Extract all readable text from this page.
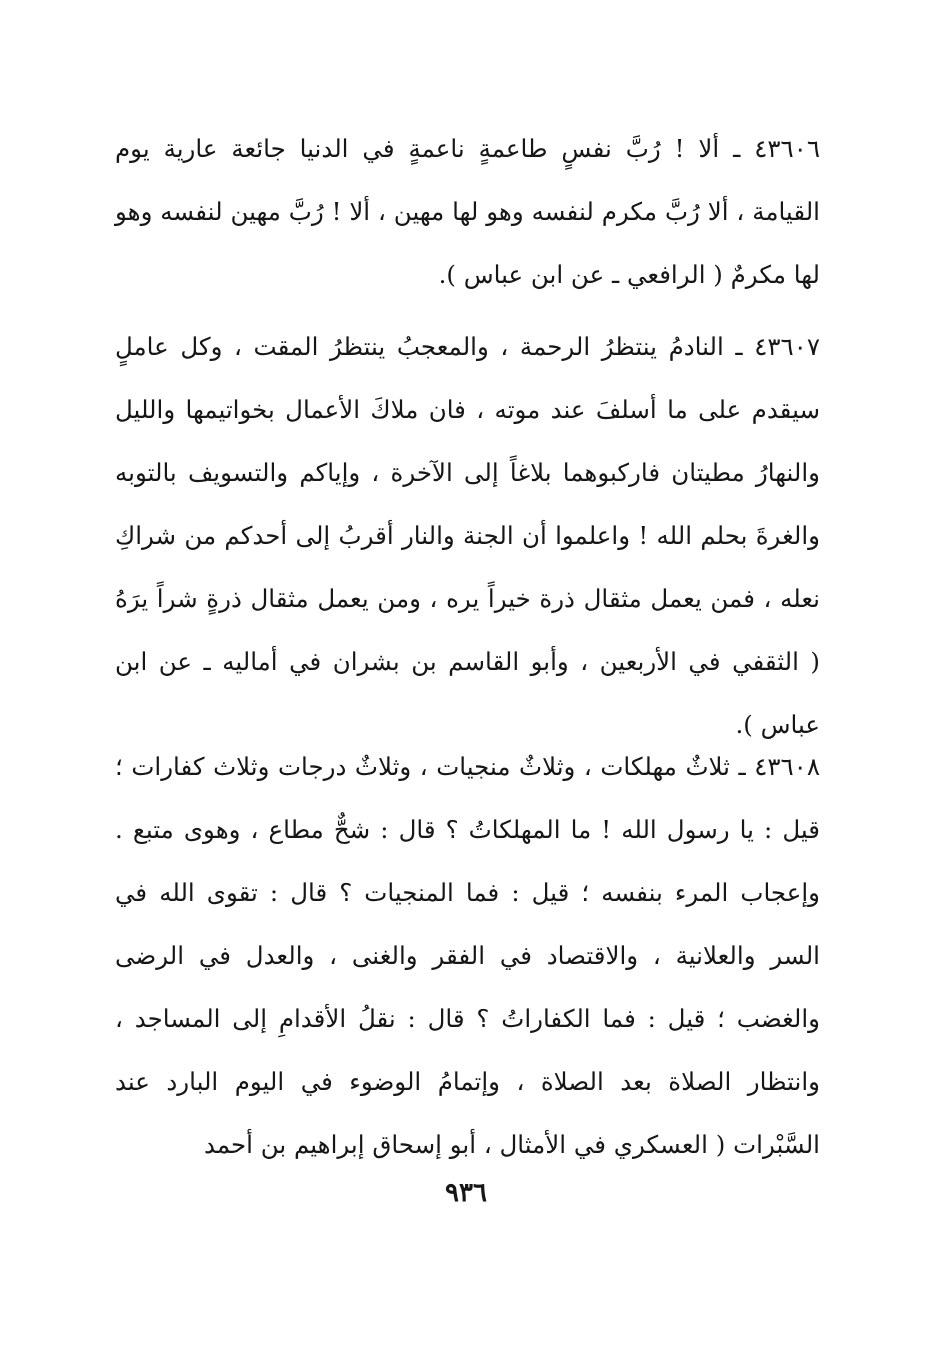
٤٣٦٠٦ ـ ألا ! رُبَّ نفسٍ طاعمةٍ ناعمةٍ في الدنيا جائعة عارية يوم القيامة ، ألا رُبَّ مكرم لنفسه وهو لها مهين ، ألا ! رُبَّ مهين لنفسه وهو لها مكرمٌ ( الرافعي ـ عن ابن عباس ).

٤٣٦٠٧ ـ النادمُ ينتظرُ الرحمة ، والمعجبُ ينتظرُ المقت ، وكل عاملٍ سيقدم على ما أسلفَ عند موته ، فان ملاكَ الأعمال بخواتيمها والليل والنهارُ مطيتان فاركبوهما بلاغاً إلى الآخرة ، وإياكم والتسويف بالتوبه والغرةَ بحلم الله ! واعلموا أن الجنة والنار أقربُ إلى أحدكم من شراكِ نعله ، فمن يعمل مثقال ذرة خيراً يره ، ومن يعمل مثقال ذرةٍ شراً يرَهُ ( الثقفي في الأربعين ، وأبو القاسم بن بشران في أماليه ـ عن ابن عباس ).

٤٣٦٠٨ ـ ثلاثٌ مهلكات ، وثلاثٌ منجيات ، وثلاثٌ درجات وثلاث كفارات ؛ قيل : يا رسول الله ! ما المهلكاتُ ؟ قال : شحٌّ مطاع ، وهوى متبع . وإعجاب المرء بنفسه ؛ قيل : فما المنجيات ؟ قال : تقوى الله في السر والعلانية ، والاقتصاد في الفقر والغنى ، والعدل في الرضى والغضب ؛ قيل : فما الكفاراتُ ؟ قال : نقلُ الأقدامِ إلى المساجد ، وانتظار الصلاة بعد الصلاة ، وإتمامُ الوضوء في اليوم البارد عند السَّبْرات ( العسكري في الأمثال ، أبو إسحاق إبراهيم بن أحمد

٩٣٦
